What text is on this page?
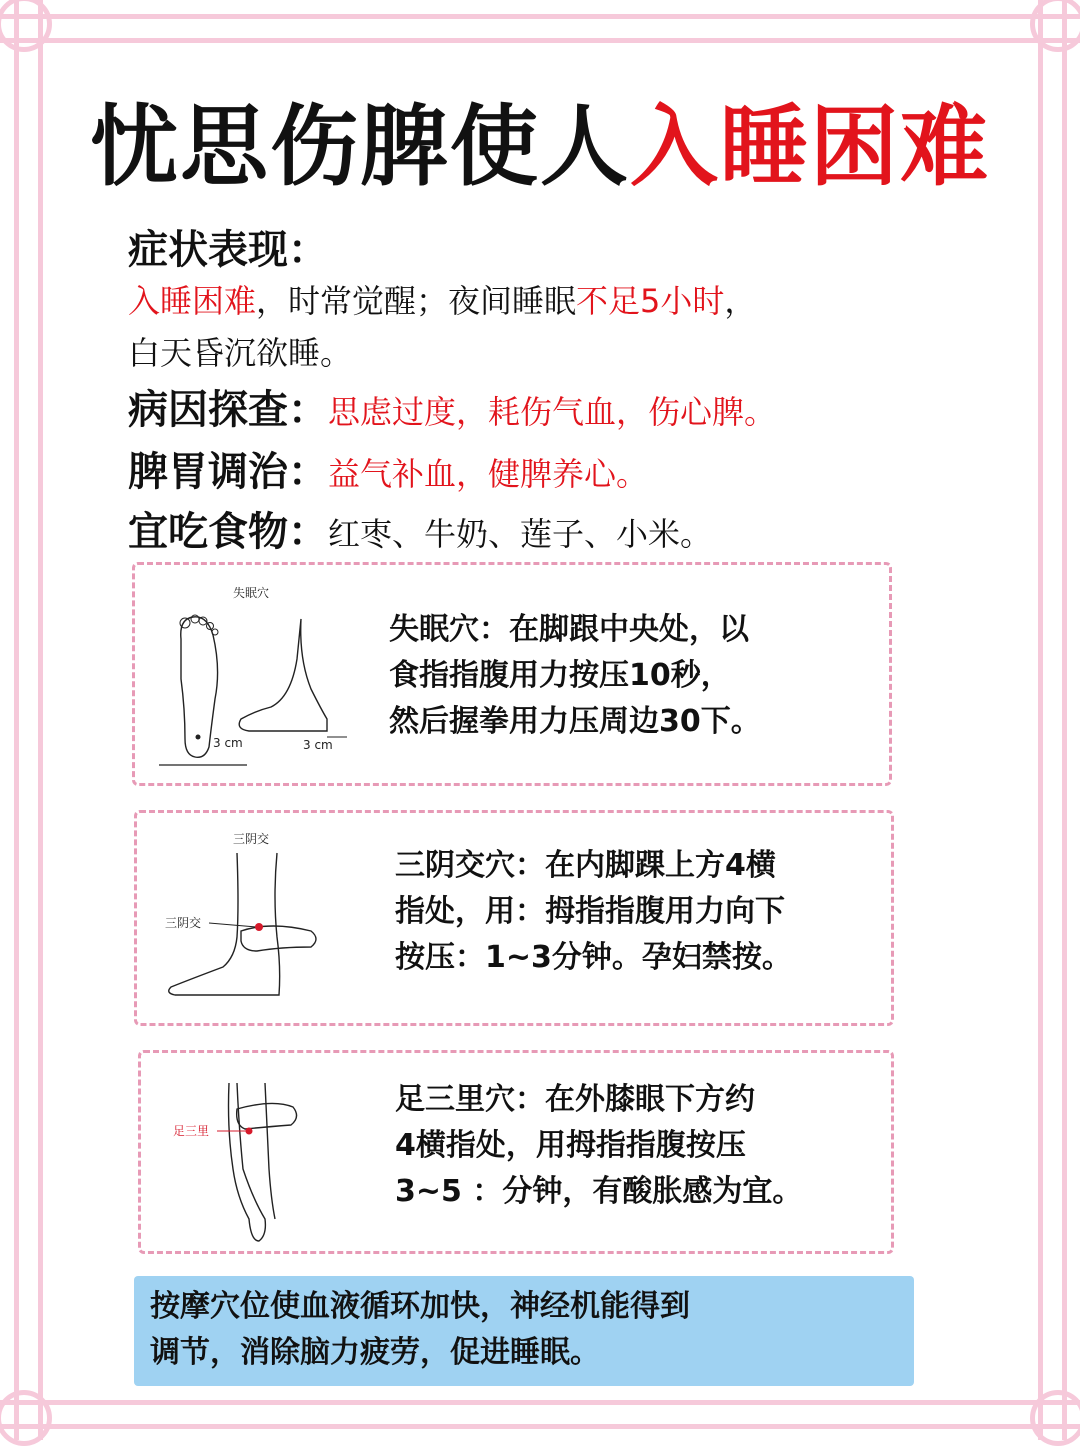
忧思伤脾使人入睡困难
症状表现：
入睡困难，时常觉醒；夜间睡眠不足5小时，
白天昏沉欲睡。
病因探查：思虑过度，耗伤气血，伤心脾。
脾胃调治：益气补血，健脾养心。
宜吃食物：红枣、牛奶、莲子、小米。
失眠穴
3 cm	3 cm
失眠穴：在脚跟中央处，以
食指指腹用力按压10秒，
然后握拳用力压周边30下。
三阴交
三阴交
三阴交穴：在内脚踝上方4横
指处，用：拇指指腹用力向下
按压：1~3分钟。孕妇禁按。
足三里
足三里穴：在外膝眼下方约
4横指处，用拇指指腹按压
3~5 ：分钟，有酸胀感为宜。
按摩穴位使血液循环加快，神经机能得到
调节，消除脑力疲劳，促进睡眠。
